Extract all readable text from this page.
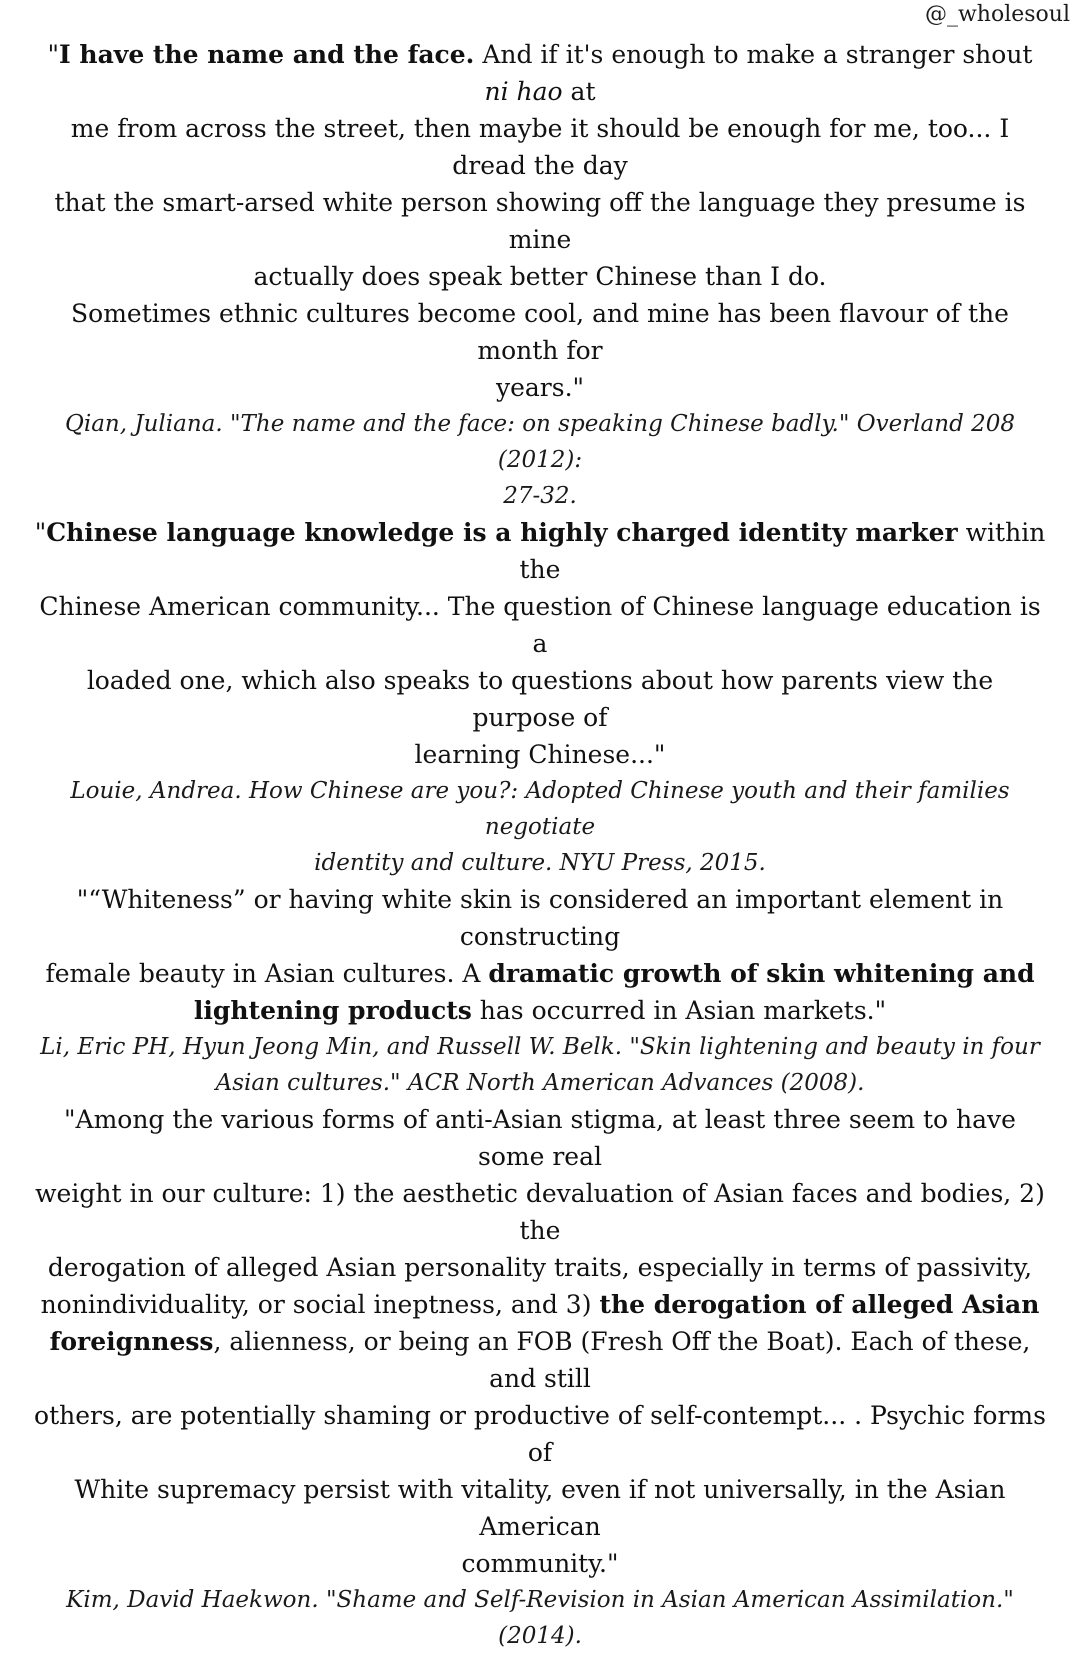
@_wholesoul
"I have the name and the face. And if it's enough to make a stranger shout ni hao at
me from across the street, then maybe it should be enough for me, too... I dread the day
that the smart-arsed white person showing off the language they presume is mine
actually does speak better Chinese than I do.
Sometimes ethnic cultures become cool, and mine has been flavour of the month for
years."
Qian, Juliana. "The name and the face: on speaking Chinese badly." Overland 208 (2012):
27-32.
"Chinese language knowledge is a highly charged identity marker within the
Chinese American community... The question of Chinese language education is a
loaded one, which also speaks to questions about how parents view the purpose of
learning Chinese..."
Louie, Andrea. How Chinese are you?: Adopted Chinese youth and their families negotiate
identity and culture. NYU Press, 2015.
"“Whiteness” or having white skin is considered an important element in constructing
female beauty in Asian cultures. A dramatic growth of skin whitening and
lightening products has occurred in Asian markets."
Li, Eric PH, Hyun Jeong Min, and Russell W. Belk. "Skin lightening and beauty in four
Asian cultures." ACR North American Advances (2008).
"Among the various forms of anti-Asian stigma, at least three seem to have some real
weight in our culture: 1) the aesthetic devaluation of Asian faces and bodies, 2) the
derogation of alleged Asian personality traits, especially in terms of passivity,
nonindividuality, or social ineptness, and 3) the derogation of alleged Asian
foreignness, alienness, or being an FOB (Fresh Off the Boat). Each of these, and still
others, are potentially shaming or productive of self-contempt... . Psychic forms of
White supremacy persist with vitality, even if not universally, in the Asian American
community."
Kim, David Haekwon. "Shame and Self-Revision in Asian American Assimilation." (2014).
